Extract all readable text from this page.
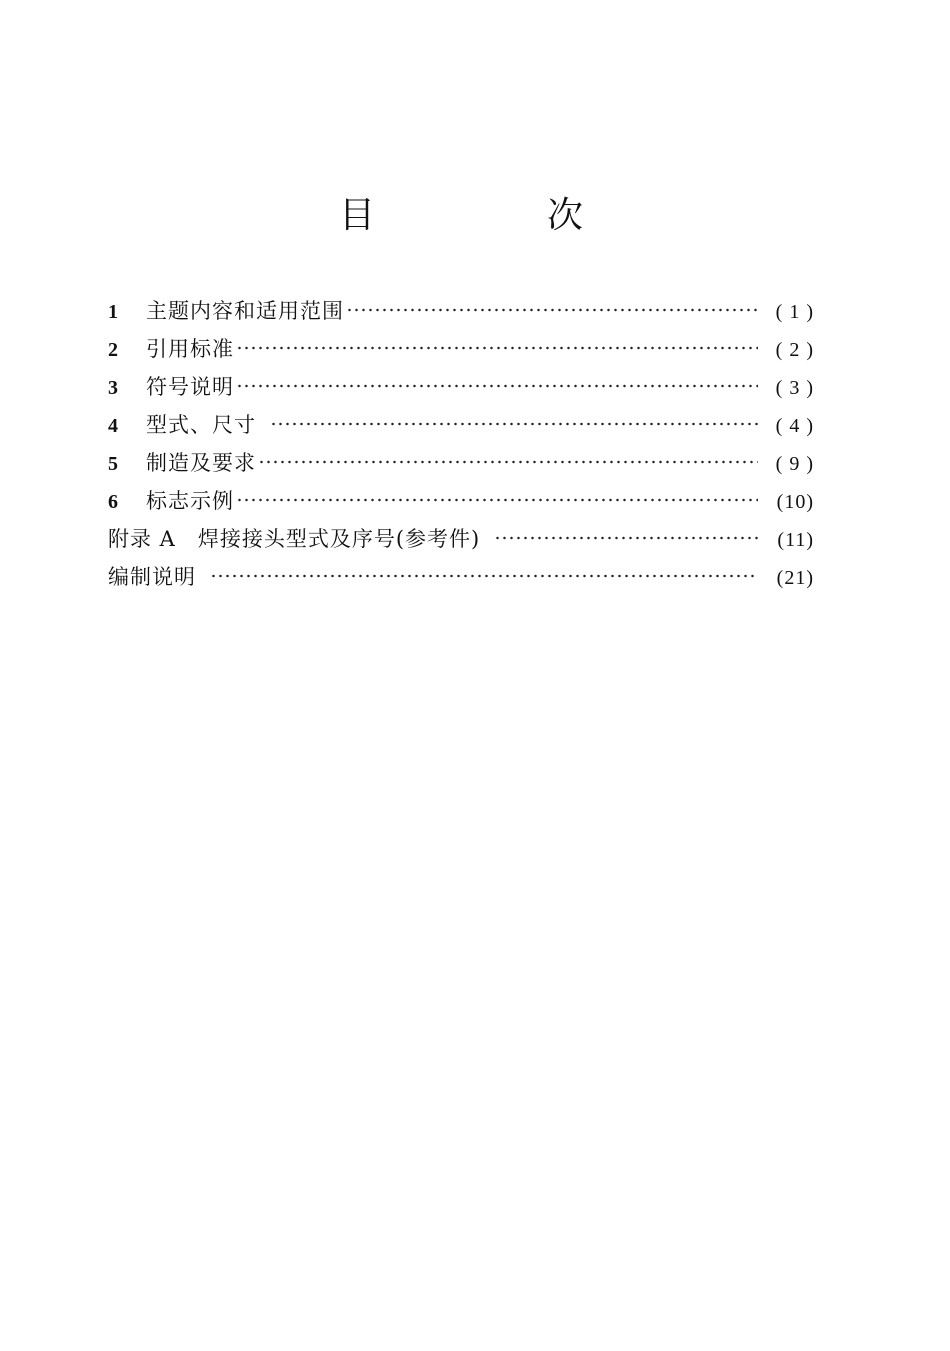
目　次
1	主题内容和适用范围	( 1 )
2	引用标准	( 2 )
3	符号说明	( 3 )
4	型式、尺寸	( 4 )
5	制造及要求	( 9 )
6	标志示例	(10)
附录 A　焊接接头型式及序号(参考件)	(11)
编制说明	(21)
